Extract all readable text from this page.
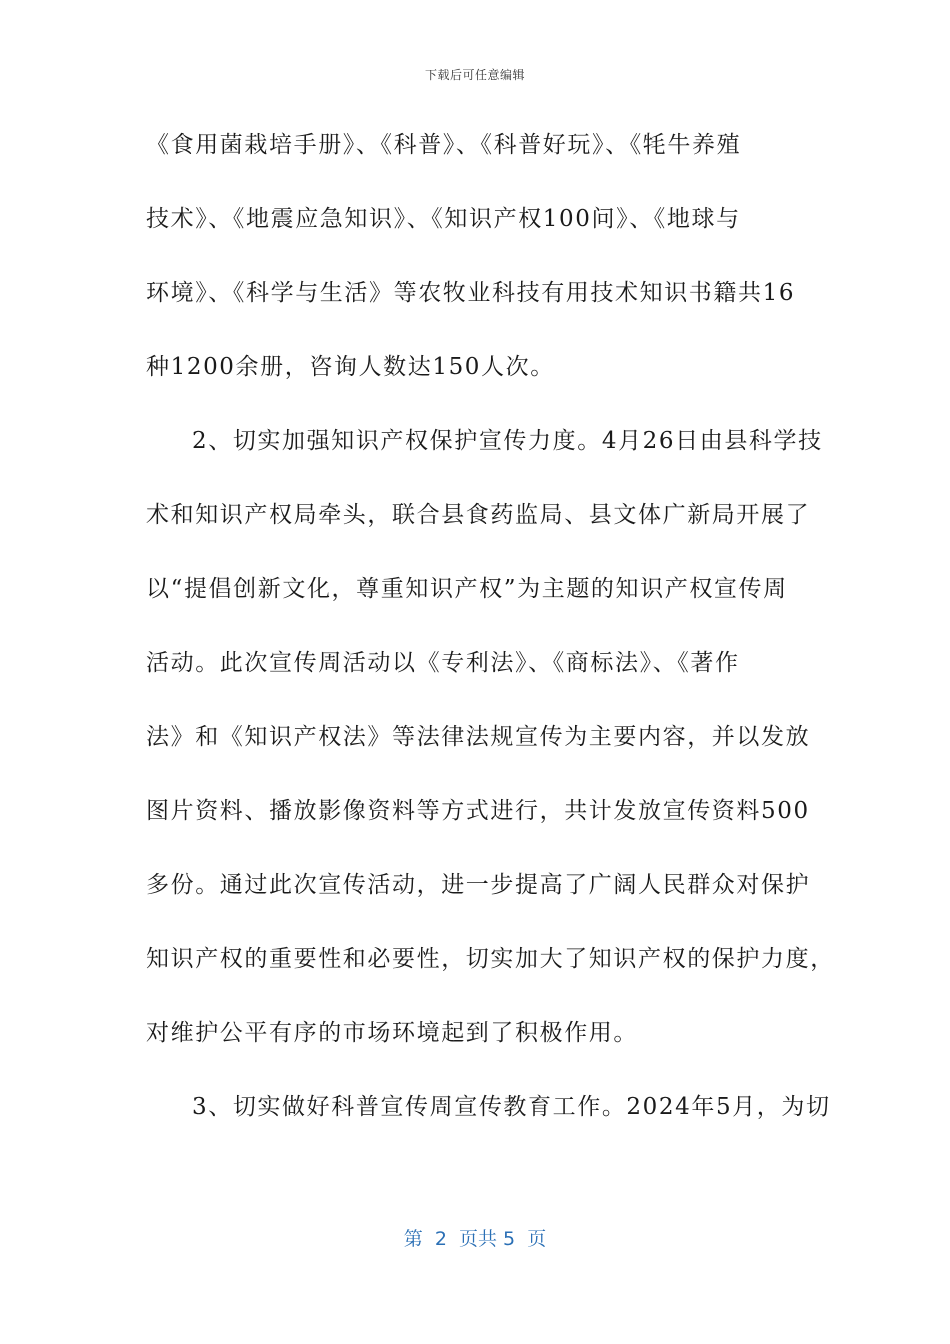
下载后可任意编辑
《食用菌栽培手册》、《科普》、《科普好玩》、《牦牛养殖
技术》、《地震应急知识》、《知识产权100问》、《地球与
环境》、《科学与生活》等农牧业科技有用技术知识书籍共16
种1200余册，咨询人数达150人次。
2、切实加强知识产权保护宣传力度。4月26日由县科学技
术和知识产权局牵头，联合县食药监局、县文体广新局开展了
以“提倡创新文化，尊重知识产权”为主题的知识产权宣传周
活动。此次宣传周活动以《专利法》、《商标法》、《著作
法》和《知识产权法》等法律法规宣传为主要内容，并以发放
图片资料、播放影像资料等方式进行，共计发放宣传资料500
多份。通过此次宣传活动，进一步提高了广阔人民群众对保护
知识产权的重要性和必要性，切实加大了知识产权的保护力度，
对维护公平有序的市场环境起到了积极作用。
3、切实做好科普宣传周宣传教育工作。2024年5月，为切
第  2  页共 5  页
